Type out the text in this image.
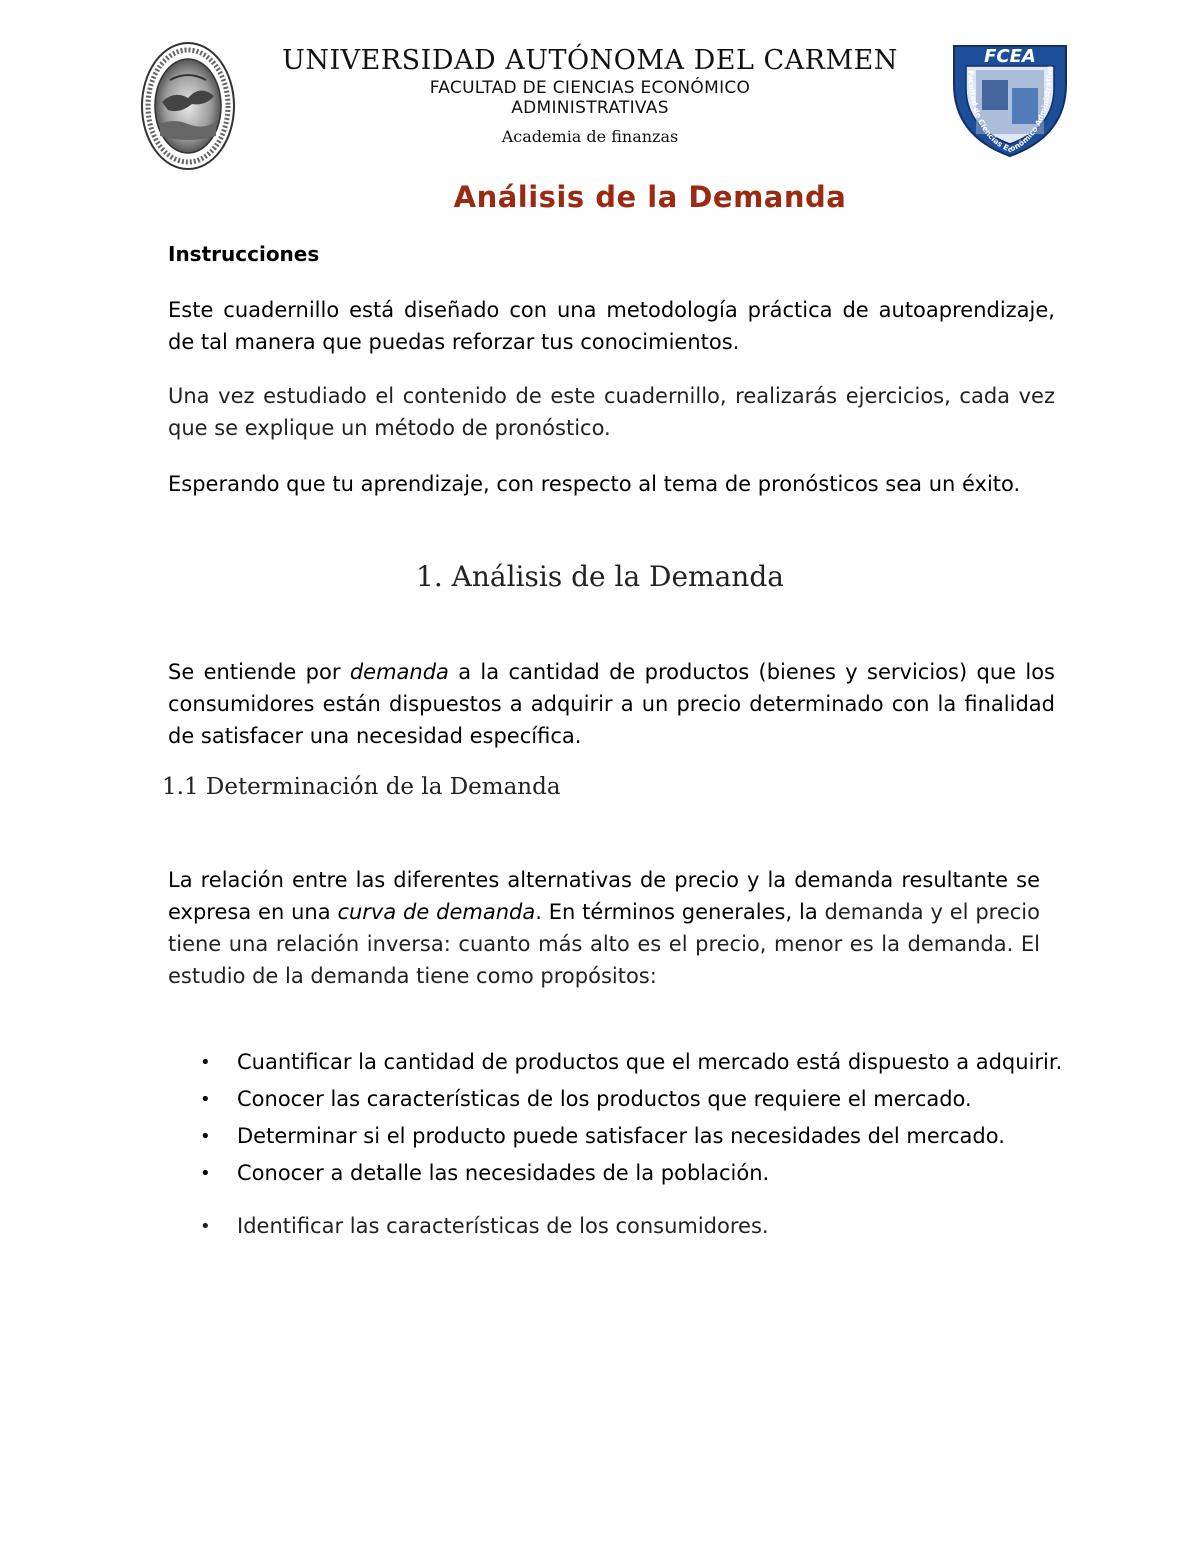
UNIVERSIDAD AUTÓNOMA DEL CARMEN
FACULTAD DE CIENCIAS ECONÓMICO
ADMINISTRATIVAS
Academia de finanzas
FCEA
Facultad de Ciencias Económico Administrativa
Análisis de la Demanda
Instrucciones

Este cuadernillo está diseñado con una metodología práctica de autoaprendizaje, de tal manera que puedas reforzar tus conocimientos.

Una vez estudiado el contenido de este cuadernillo, realizarás ejercicios, cada vez que se explique un método de pronóstico.

Esperando que tu aprendizaje, con respecto al tema de pronósticos sea un éxito.

1. Análisis de la Demanda

Se entiende por demanda a la cantidad de productos (bienes y servicios) que los consumidores están dispuestos a adquirir a un precio determinado con la finalidad de satisfacer una necesidad específica.

1.1 Determinación de la Demanda

La relación entre las diferentes alternativas de precio y la demanda resultante se expresa en una curva de demanda. En términos generales, la demanda y el precio tiene una relación inversa: cuanto más alto es el precio, menor es la demanda. El estudio de la demanda tiene como propósitos:

• Cuantificar la cantidad de productos que el mercado está dispuesto a adquirir.
• Conocer las características de los productos que requiere el mercado.
• Determinar si el producto puede satisfacer las necesidades del mercado.
• Conocer a detalle las necesidades de la población.
• Identificar las características de los consumidores.
